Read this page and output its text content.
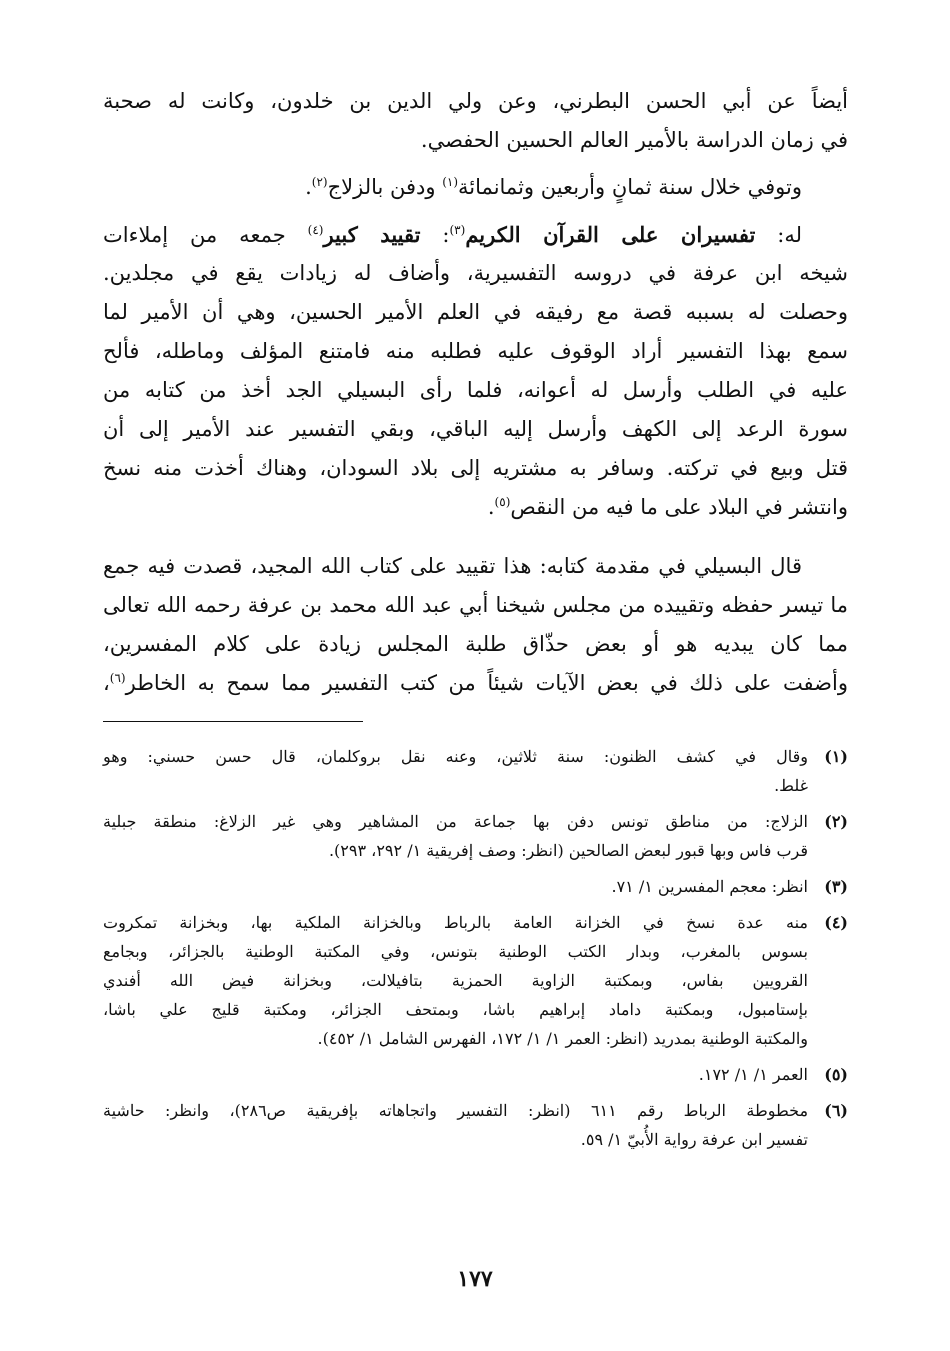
أيضاً عن أبي الحسن البطرني، وعن ولي الدين بن خلدون، وكانت له صحبة
في زمان الدراسة بالأمير العالم الحسين الحفصي.
وتوفي خلال سنة ثمانٍ وأربعين وثمانمائة$^{(١)}$ ودفن بالزلاج$^{(٢)}$.
له: تفسيران على القرآن الكريم$^{(٣)}$: تقييد كبير$^{(٤)}$ جمعه من إملاءات
شيخه ابن عرفة في دروسه التفسيرية، وأضاف له زيادات يقع في مجلدين.
وحصلت له بسببه قصة مع رفيقه في العلم الأمير الحسين، وهي أن الأمير لما
سمع بهذا التفسير أراد الوقوف عليه فطلبه منه فامتنع المؤلف وماطله، فألح
عليه في الطلب وأرسل له أعوانه، فلما رأى البسيلي الجد أخذ من كتابه من
سورة الرعد إلى الكهف وأرسل إليه الباقي، وبقي التفسير عند الأمير إلى أن
قتل وبيع في تركته. وسافر به مشتريه إلى بلاد السودان، وهناك أخذت منه نسخ
وانتشر في البلاد على ما فيه من النقص$^{(٥)}$.
قال البسيلي في مقدمة كتابه: هذا تقييد على كتاب الله المجيد، قصدت فيه جمع
ما تيسر حفظه وتقييده من مجلس شيخنا أبي عبد الله محمد بن عرفة رحمه الله تعالى
مما كان يبديه هو أو بعض حذّاق طلبة المجلس زيادة على كلام المفسرين،
وأضفت على ذلك في بعض الآيات شيئاً من كتب التفسير مما سمح به الخاطر$^{(٦)}$،
(١)
وقال في كشف الظنون: سنة ثلاثين، وعنه نقل بروكلمان، قال حسن حسني: وهو
غلط.
(٢)
الزلاج: من مناطق تونس دفن بها جماعة من المشاهير وهي غير الزلاغ: منطقة جبلية
قرب فاس وبها قبور لبعض الصالحين (انظر: وصف إفريقية ١/ ٢٩٢، ٢٩٣).
(٣)
انظر: معجم المفسرين ١/ ٧١.
(٤)
منه عدة نسخ في الخزانة العامة بالرباط وبالخزانة الملكية بها، وبخزانة تمكروت
بسوس بالمغرب، وبدار الكتب الوطنية بتونس، وفي المكتبة الوطنية بالجزائر، وبجامع
القرويين بفاس، وبمكتبة الزاوية الحمزية بتافيلالت، وبخزانة فيض الله أفندي
بإستامبول، وبمكتبة داماد إبراهيم باشا، وبمتحف الجزائر، ومكتبة قليج علي باشا،
والمكتبة الوطنية بمدريد (انظر: العمر ١/ ١/ ١٧٢، الفهرس الشامل ١/ ٤٥٢).
(٥)
العمر ١/ ١/ ١٧٢.
(٦)
مخطوطة الرباط رقم ٦١١ (انظر: التفسير واتجاهاته بإفريقية ص٢٨٦)، وانظر: حاشية
تفسير ابن عرفة رواية الأُبيّ ١/ ٥٩.
١٧٧
